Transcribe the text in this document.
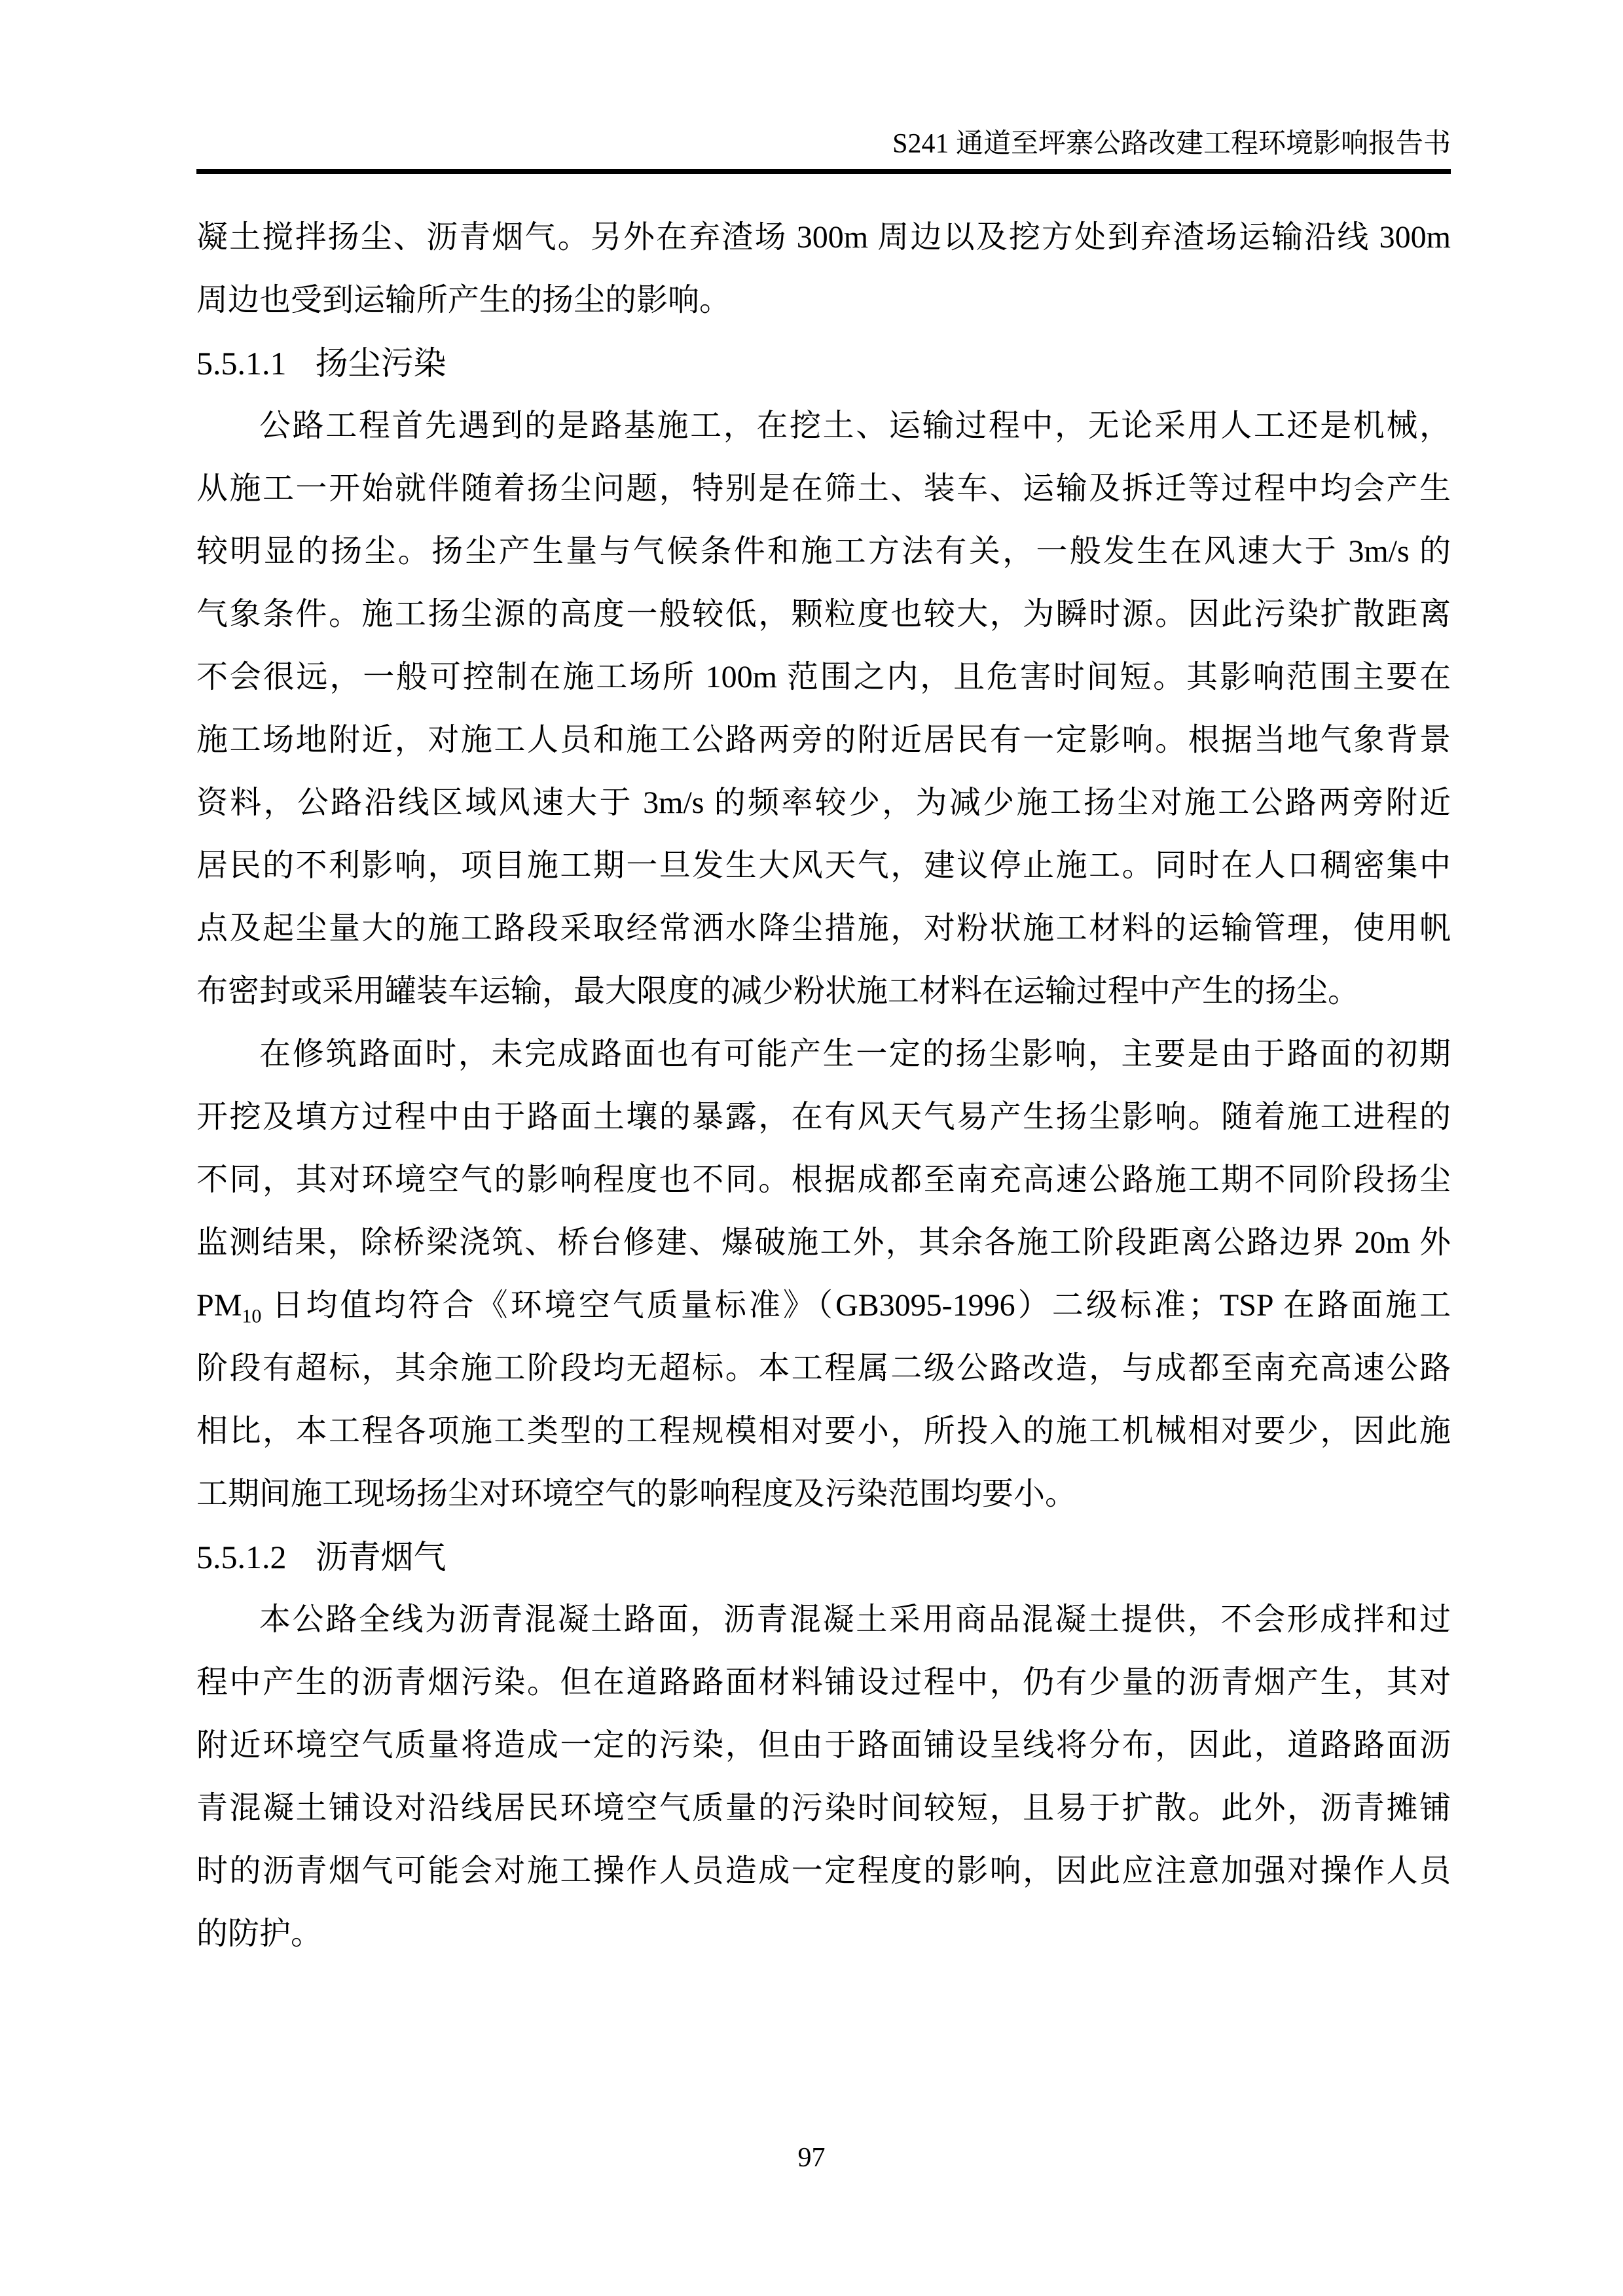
S241 通道至坪寨公路改建工程环境影响报告书
凝土搅拌扬尘、沥青烟气。另外在弃渣场 300m 周边以及挖方处到弃渣场运输沿线 300m
周边也受到运输所产生的扬尘的影响。
5.5.1.1 扬尘污染
公路工程首先遇到的是路基施工，在挖土、运输过程中，无论采用人工还是机械，
从施工一开始就伴随着扬尘问题，特别是在筛土、装车、运输及拆迁等过程中均会产生
较明显的扬尘。扬尘产生量与气候条件和施工方法有关，一般发生在风速大于 3m/s 的
气象条件。施工扬尘源的高度一般较低，颗粒度也较大，为瞬时源。因此污染扩散距离
不会很远，一般可控制在施工场所 100m 范围之内，且危害时间短。其影响范围主要在
施工场地附近，对施工人员和施工公路两旁的附近居民有一定影响。根据当地气象背景
资料，公路沿线区域风速大于 3m/s 的频率较少，为减少施工扬尘对施工公路两旁附近
居民的不利影响，项目施工期一旦发生大风天气，建议停止施工。同时在人口稠密集中
点及起尘量大的施工路段采取经常洒水降尘措施，对粉状施工材料的运输管理，使用帆
布密封或采用罐装车运输，最大限度的减少粉状施工材料在运输过程中产生的扬尘。
在修筑路面时，未完成路面也有可能产生一定的扬尘影响，主要是由于路面的初期
开挖及填方过程中由于路面土壤的暴露，在有风天气易产生扬尘影响。随着施工进程的
不同，其对环境空气的影响程度也不同。根据成都至南充高速公路施工期不同阶段扬尘
监测结果，除桥梁浇筑、桥台修建、爆破施工外，其余各施工阶段距离公路边界 20m 外
$PM_{10}$ 日均值均符合《环境空气质量标准》（GB3095-1996）二级标准；TSP 在路面施工
阶段有超标，其余施工阶段均无超标。本工程属二级公路改造，与成都至南充高速公路
相比，本工程各项施工类型的工程规模相对要小，所投入的施工机械相对要少，因此施
工期间施工现场扬尘对环境空气的影响程度及污染范围均要小。
5.5.1.2 沥青烟气
本公路全线为沥青混凝土路面，沥青混凝土采用商品混凝土提供，不会形成拌和过
程中产生的沥青烟污染。但在道路路面材料铺设过程中，仍有少量的沥青烟产生，其对
附近环境空气质量将造成一定的污染，但由于路面铺设呈线将分布，因此，道路路面沥
青混凝土铺设对沿线居民环境空气质量的污染时间较短，且易于扩散。此外，沥青摊铺
时的沥青烟气可能会对施工操作人员造成一定程度的影响，因此应注意加强对操作人员
的防护。
97
